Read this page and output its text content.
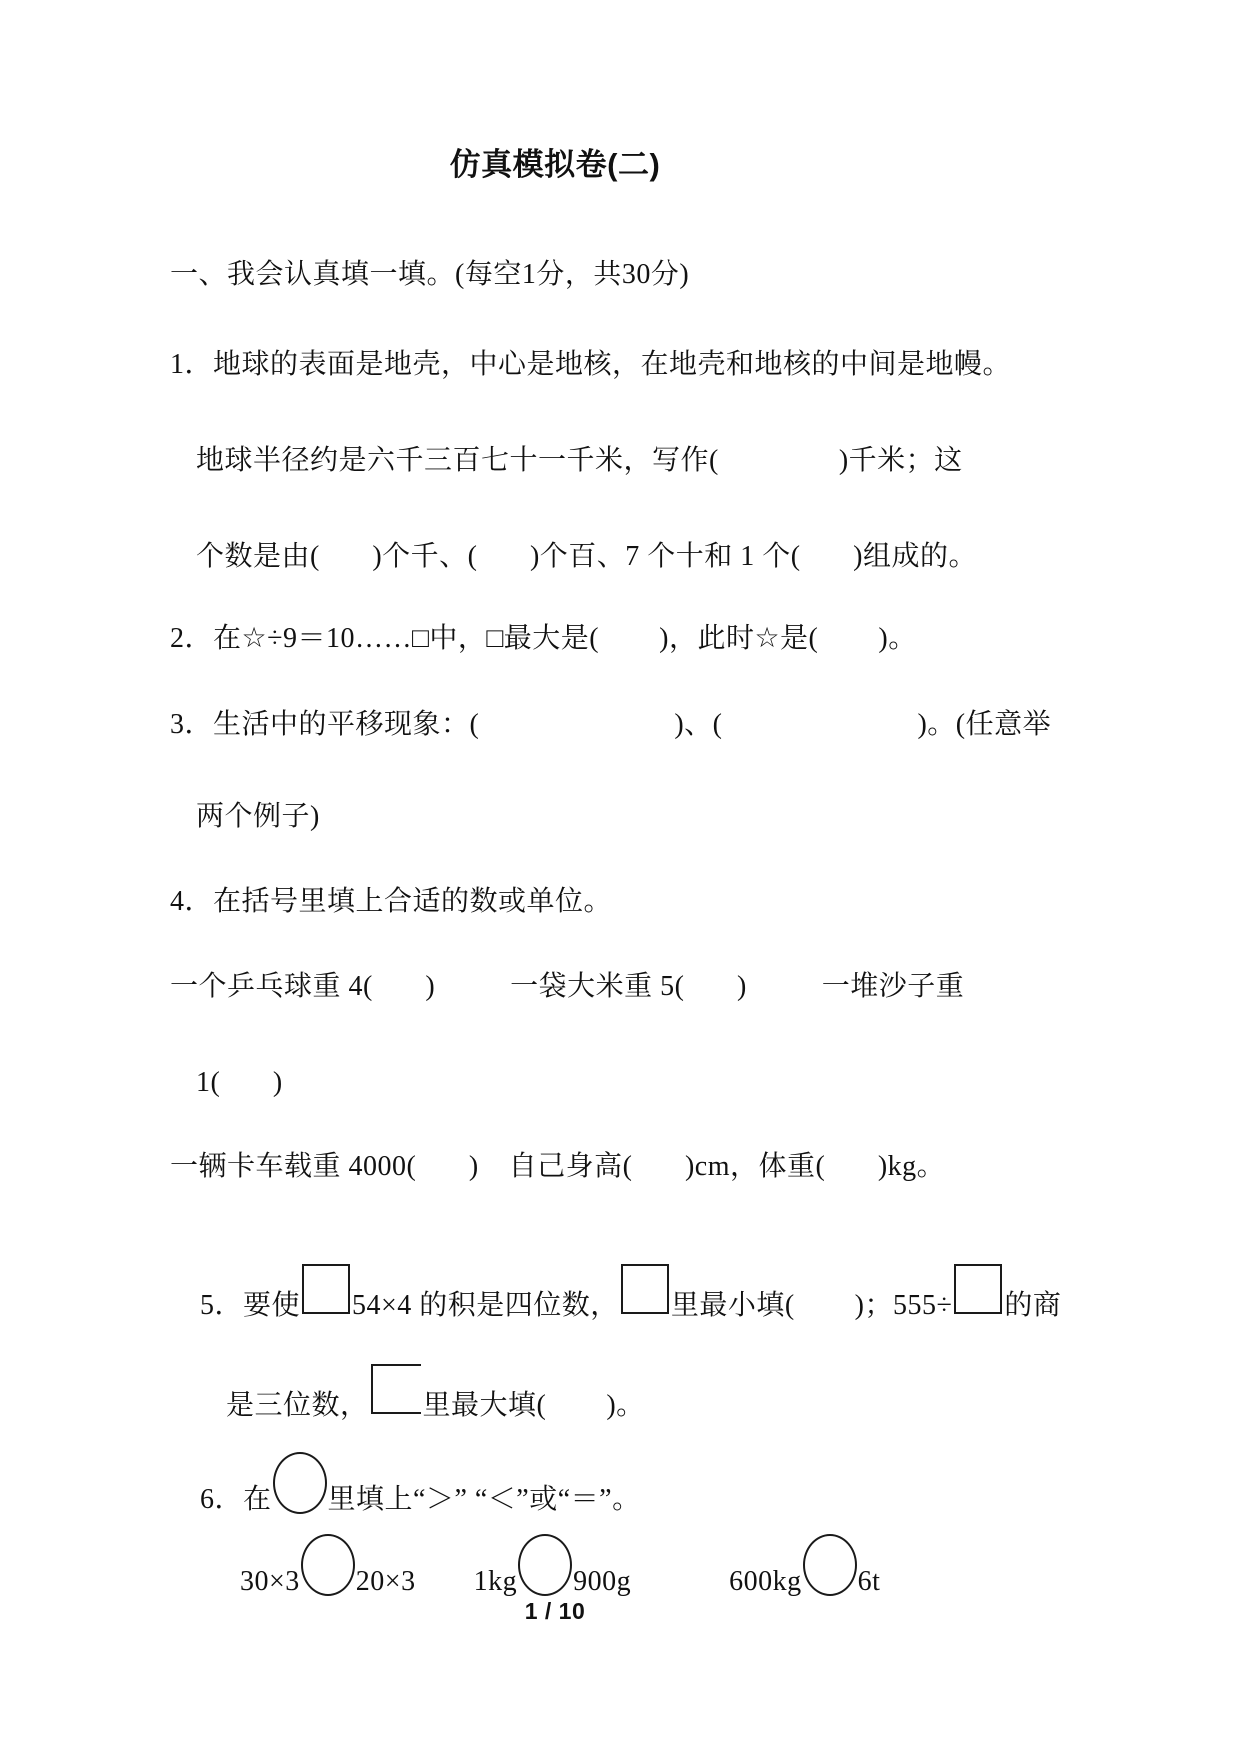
仿真模拟卷(二)
一、我会认真填一填。(每空1分，共30分)
1．地球的表面是地壳，中心是地核，在地壳和地核的中间是地幔。
地球半径约是六千三百七十一千米，写作(                )千米；这
个数是由(       )个千、(       )个百、7 个十和 1 个(       )组成的。
2．在☆÷9＝10……□中，□最大是(        )，此时☆是(        )。
3．生活中的平移现象：(                          )、(                          )。(任意举
两个例子)
4．在括号里填上合适的数或单位。
一个乒乓球重 4(       )          一袋大米重 5(       )          一堆沙子重
1(       )
一辆卡车载重 4000(       )    自己身高(       )cm，体重(       )kg。

5．要使 54×4 的积是四位数， 里最小填(        )；555÷ 的商

是三位数， 里最大填(        )。

6．在 里填上“＞” “＜”或“＝”。

30×3 20×3 1kg 900g	600kg 6t

1 / 10
